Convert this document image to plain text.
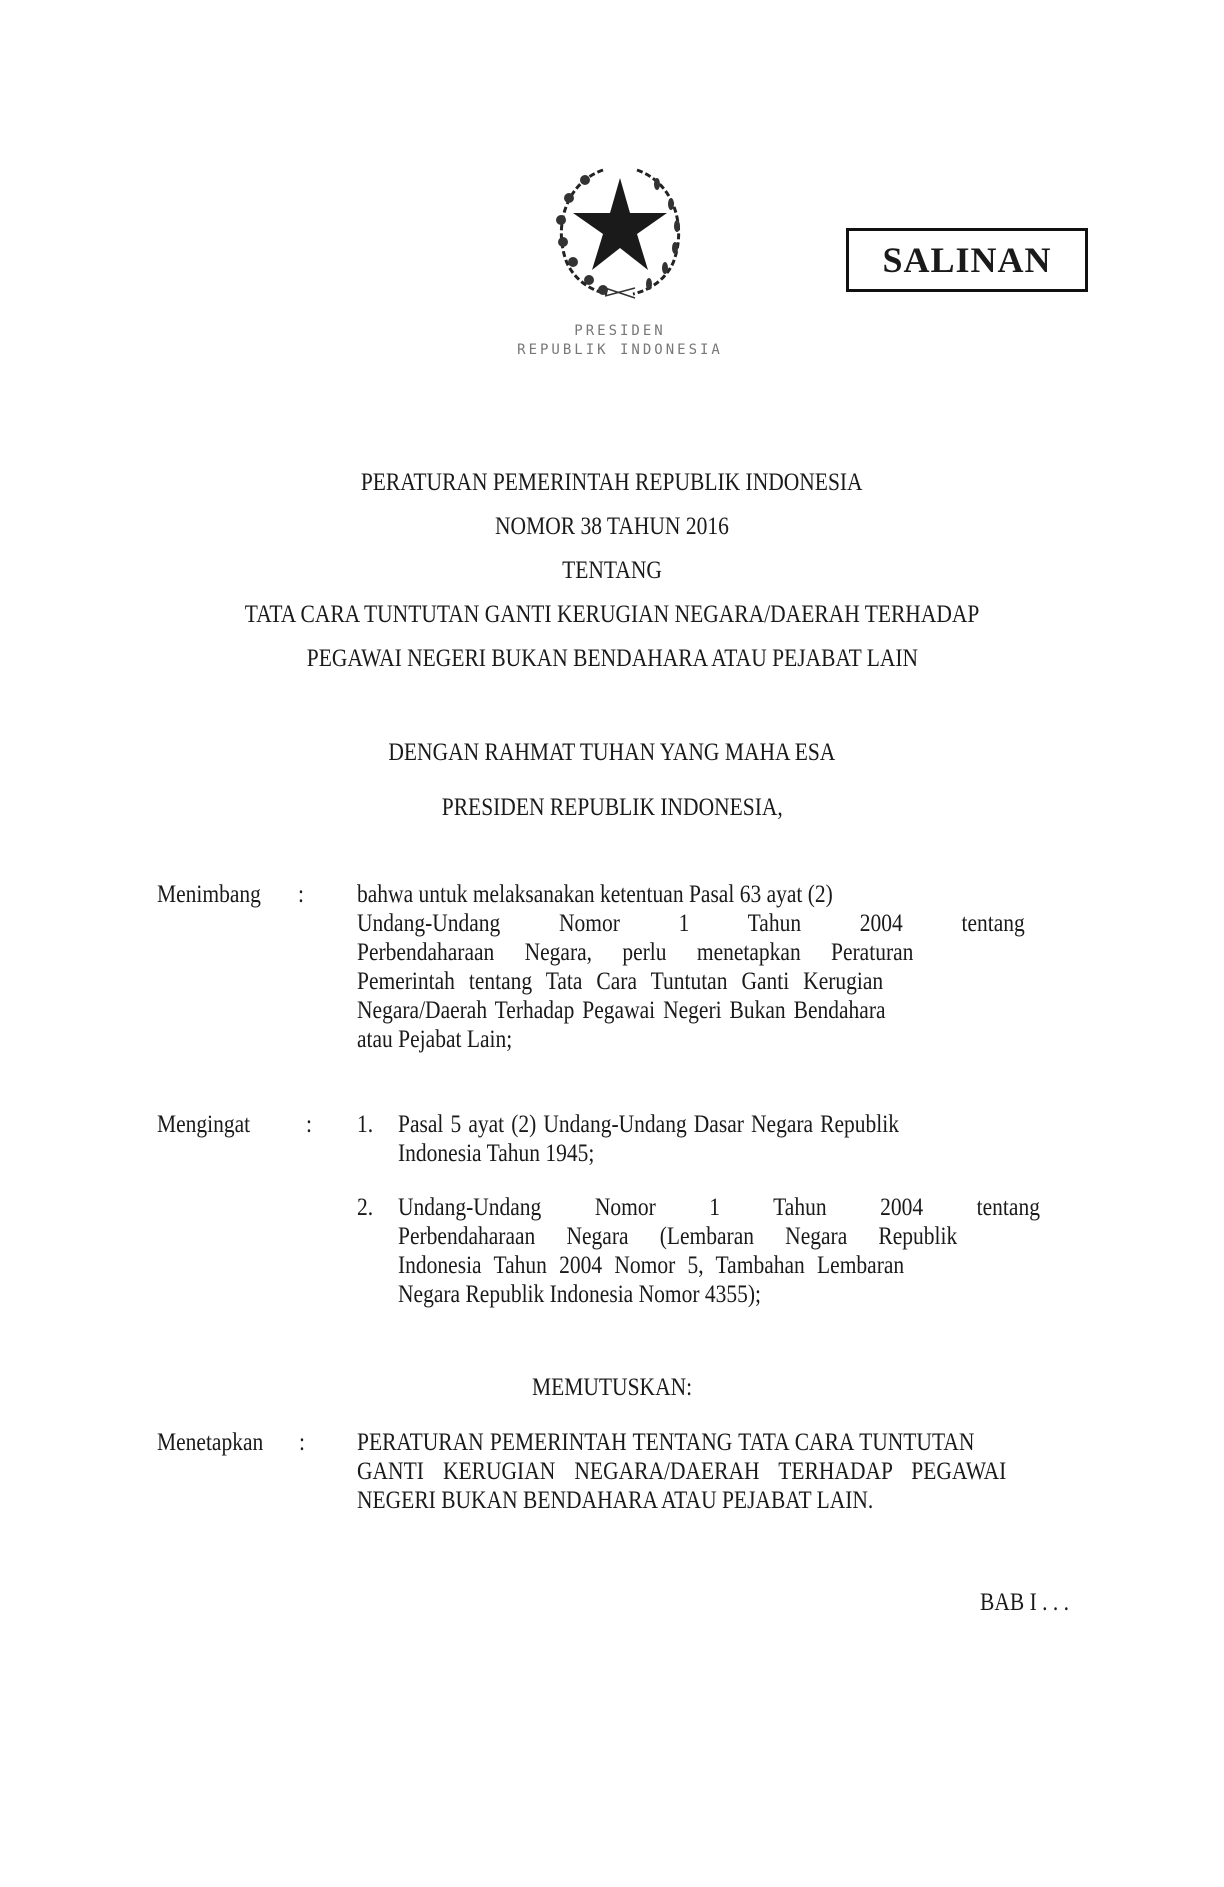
SALINAN
PRESIDEN
REPUBLIK INDONESIA
PERATURAN PEMERINTAH REPUBLIK INDONESIA
NOMOR 38 TAHUN 2016
TENTANG
TATA CARA TUNTUTAN GANTI KERUGIAN NEGARA/DAERAH TERHADAP
PEGAWAI NEGERI BUKAN BENDAHARA ATAU PEJABAT LAIN
DENGAN RAHMAT TUHAN YANG MAHA ESA
PRESIDEN REPUBLIK INDONESIA,
Menimbang	: bahwa untuk melaksanakan ketentuan Pasal 63 ayat (2)
Undang-Undang Nomor 1 Tahun 2004 tentang
Perbendaharaan Negara, perlu menetapkan Peraturan
Pemerintah tentang Tata Cara Tuntutan Ganti Kerugian
Negara/Daerah Terhadap Pegawai Negeri Bukan Bendahara
atau Pejabat Lain;
Mengingat	: 1. Pasal 5 ayat (2) Undang-Undang Dasar Negara Republik
Indonesia Tahun 1945;
2. Undang-Undang Nomor 1 Tahun 2004 tentang
Perbendaharaan Negara (Lembaran Negara Republik
Indonesia Tahun 2004 Nomor 5, Tambahan Lembaran
Negara Republik Indonesia Nomor 4355);
MEMUTUSKAN:
Menetapkan	: PERATURAN PEMERINTAH TENTANG TATA CARA TUNTUTAN
GANTI KERUGIAN NEGARA/DAERAH TERHADAP PEGAWAI
NEGERI BUKAN BENDAHARA ATAU PEJABAT LAIN.
BAB I . . .
